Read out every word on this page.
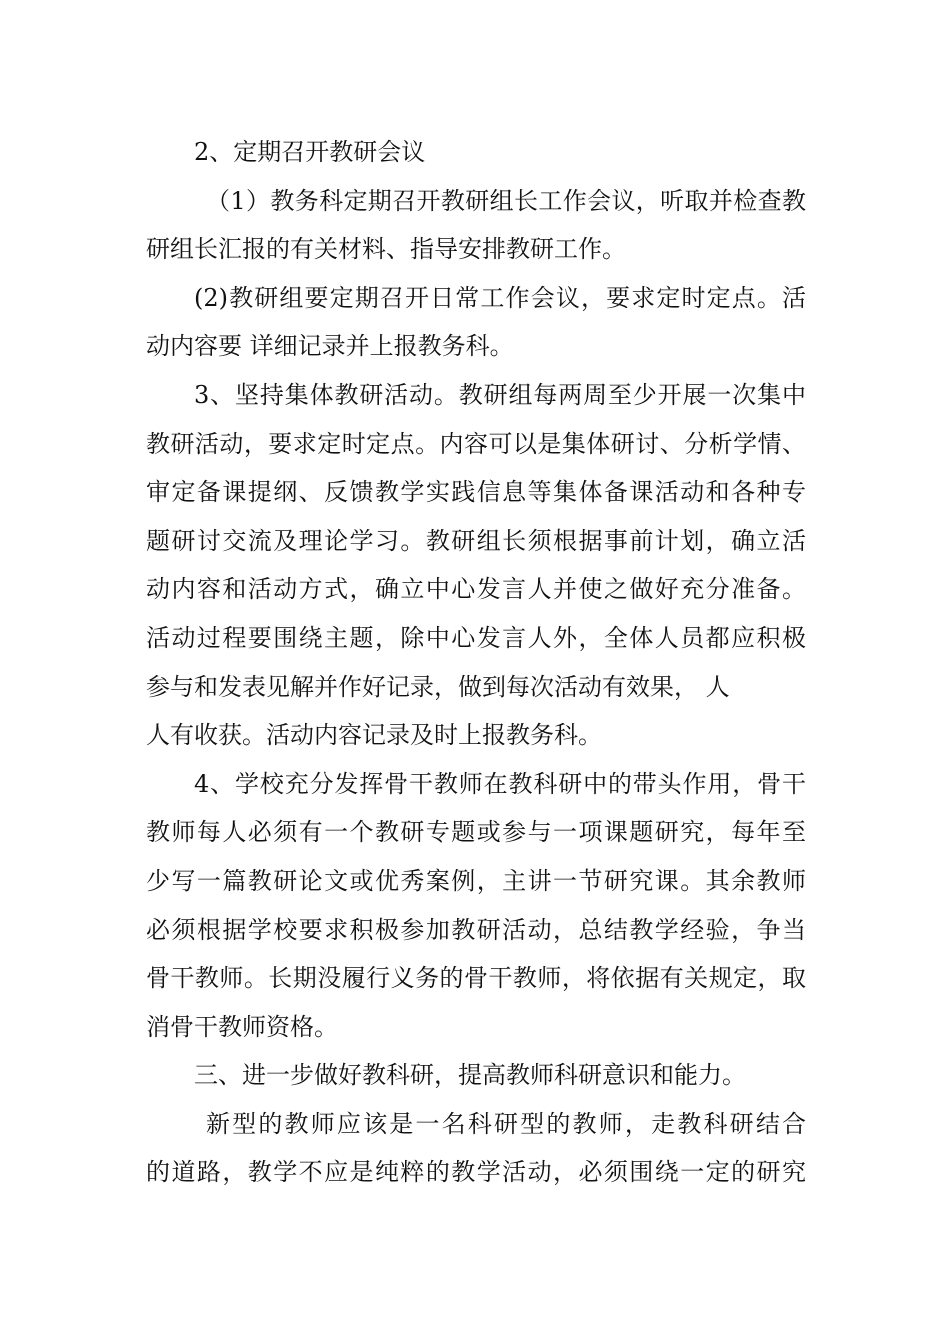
2、定期召开教研会议
（1）教务科定期召开教研组长工作会议，听取并检查教
研组长汇报的有关材料、指导安排教研工作。
(2)教研组要定期召开日常工作会议，要求定时定点。活
动内容要 详细记录并上报教务科。
3、坚持集体教研活动。教研组每两周至少开展一次集中
教研活动，要求定时定点。内容可以是集体研讨、分析学情、
审定备课提纲、反馈教学实践信息等集体备课活动和各种专
题研讨交流及理论学习。教研组长须根据事前计划，确立活
动内容和活动方式，确立中心发言人并使之做好充分准备。
活动过程要围绕主题，除中心发言人外，全体人员都应积极
参与和发表见解并作好记录，做到每次活动有效果， 人
人有收获。活动内容记录及时上报教务科。
4、学校充分发挥骨干教师在教科研中的带头作用，骨干
教师每人必须有一个教研专题或参与一项课题研究，每年至
少写一篇教研论文或优秀案例，主讲一节研究课。其余教师
必须根据学校要求积极参加教研活动，总结教学经验，争当
骨干教师。长期没履行义务的骨干教师，将依据有关规定，取
消骨干教师资格。
三、进一步做好教科研，提高教师科研意识和能力。
新型的教师应该是一名科研型的教师，走教科研结合
的道路，教学不应是纯粹的教学活动，必须围绕一定的研究
